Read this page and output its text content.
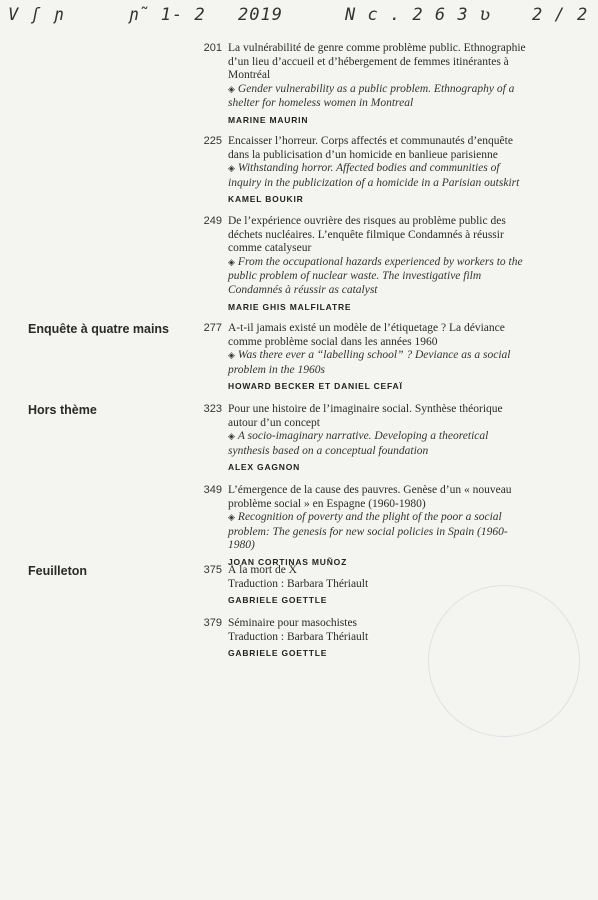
V ʃ ɲ	ɲ̃ 1- 2 2019	N c . 2 6 3 ʋ 2 / 2
Enquête à quatre mains
Hors thème
Feuilleton
201 La vulnérabilité de genre comme problème public. Ethnographie d’un lieu d’accueil et d’hébergement de femmes itinérantes à Montréal
◈ Gender vulnerability as a public problem. Ethnography of a shelter for homeless women in Montreal
MARINE MAURIN
225 Encaisser l’horreur. Corps affectés et communautés d’enquête dans la publicisation d’un homicide en banlieue parisienne
◈ Withstanding horror. Affected bodies and communities of inquiry in the publicization of a homicide in a Parisian outskirt
KAMEL BOUKIR
249 De l’expérience ouvrière des risques au problème public des déchets nucléaires. L’enquête filmique Condamnés à réussir comme catalyseur
◈ From the occupational hazards experienced by workers to the public problem of nuclear waste. The investigative film Condamnés à réussir as catalyst
MARIE GHIS MALFILATRE
277 A-t-il jamais existé un modèle de l’étiquetage ? La déviance comme problème social dans les années 1960
◈ Was there ever a “labelling school” ? Deviance as a social problem in the 1960s
HOWARD BECKER ET DANIEL CEFAÏ
323 Pour une histoire de l’imaginaire social. Synthèse théorique autour d’un concept
◈ A socio-imaginary narrative. Developing a theoretical synthesis based on a conceptual foundation
ALEX GAGNON
349 L’émergence de la cause des pauvres. Genèse d’un « nouveau problème social » en Espagne (1960-1980)
◈ Recognition of poverty and the plight of the poor a social problem: The genesis for new social policies in Spain (1960-1980)
JOAN CORTINAS MUÑOZ
375 À la mort de X
Traduction : Barbara Thériault
GABRIELE GOETTLE
379 Séminaire pour masochistes
Traduction : Barbara Thériault
GABRIELE GOETTLE
